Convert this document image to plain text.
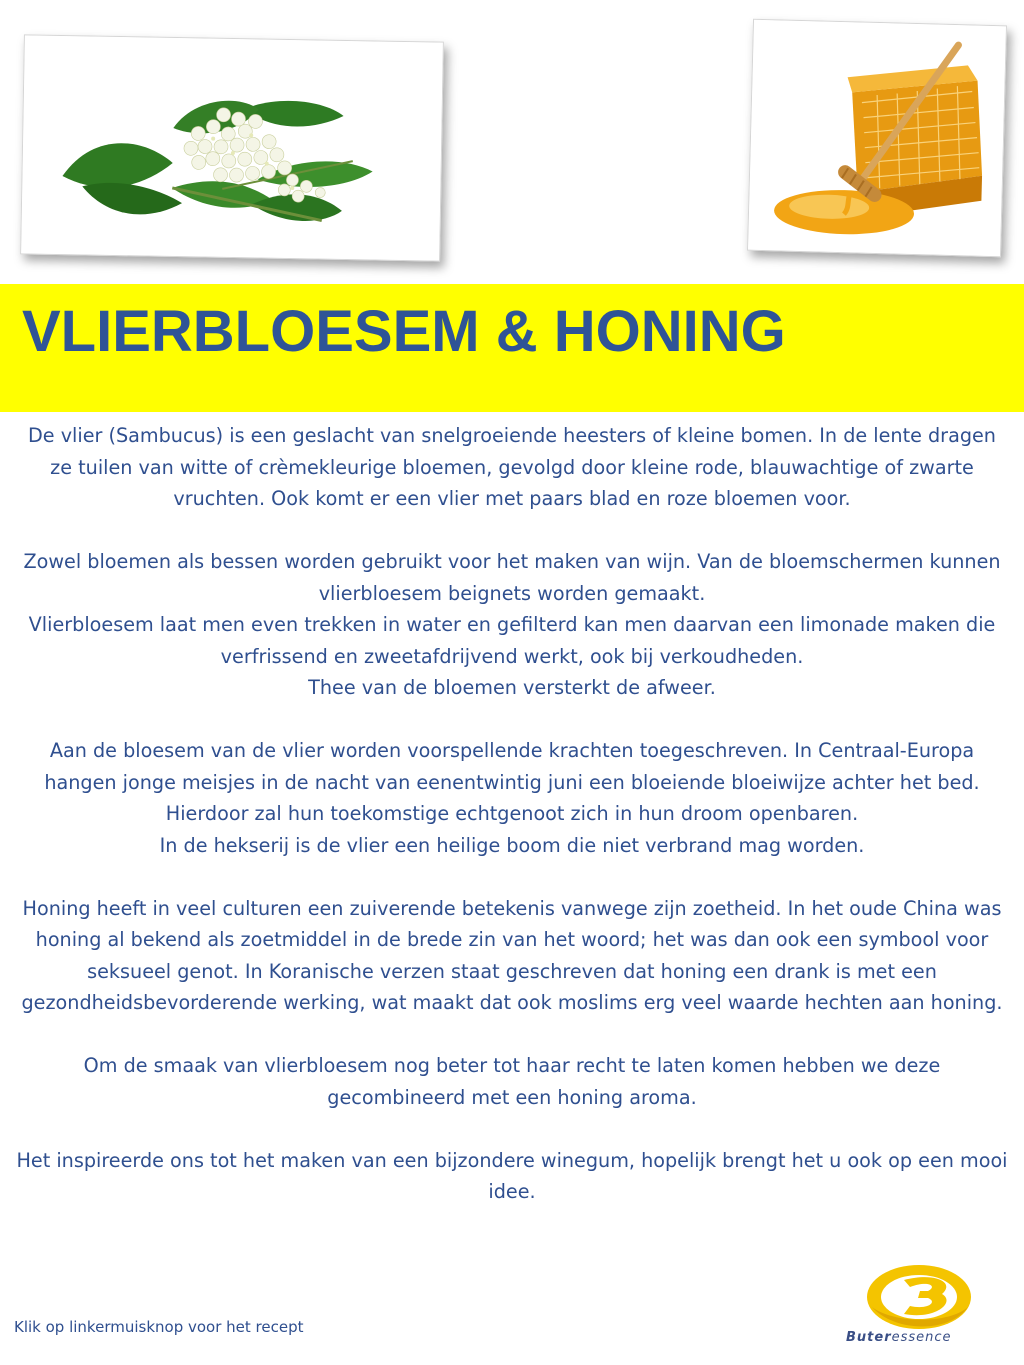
VLIERBLOESEM & HONING

De vlier (Sambucus) is een geslacht van snelgroeiende heesters of kleine bomen. In de lente dragen ze tuilen van witte of crèmekleurige bloemen, gevolgd door kleine rode, blauwachtige of zwarte vruchten. Ook komt er een vlier met paars blad en roze bloemen voor.

Zowel bloemen als bessen worden gebruikt voor het maken van wijn. Van de bloemschermen kunnen vlierbloesem beignets worden gemaakt.
Vlierbloesem laat men even trekken in water en gefilterd kan men daarvan een limonade maken die verfrissend en zweetafdrijvend werkt, ook bij verkoudheden.
Thee van de bloemen versterkt de afweer.

Aan de bloesem van de vlier worden voorspellende krachten toegeschreven. In Centraal-Europa hangen jonge meisjes in de nacht van eenentwintig juni een bloeiende bloeiwijze achter het bed. Hierdoor zal hun toekomstige echtgenoot zich in hun droom openbaren.
In de hekserij is de vlier een heilige boom die niet verbrand mag worden.

Honing heeft in veel culturen een zuiverende betekenis vanwege zijn zoetheid. In het oude China was honing al bekend als zoetmiddel in de brede zin van het woord; het was dan ook een symbool voor seksueel genot. In Koranische verzen staat geschreven dat honing een drank is met een gezondheidsbevorderende werking, wat maakt dat ook moslims erg veel waarde hechten aan honing.

Om de smaak van vlierbloesem nog beter tot haar recht te laten komen hebben we deze gecombineerd met een honing aroma.

Het inspireerde ons tot het maken van een bijzondere winegum, hopelijk brengt het u ook op een mooi idee.

Klik op linkermuisknop voor het recept
Buteressence
